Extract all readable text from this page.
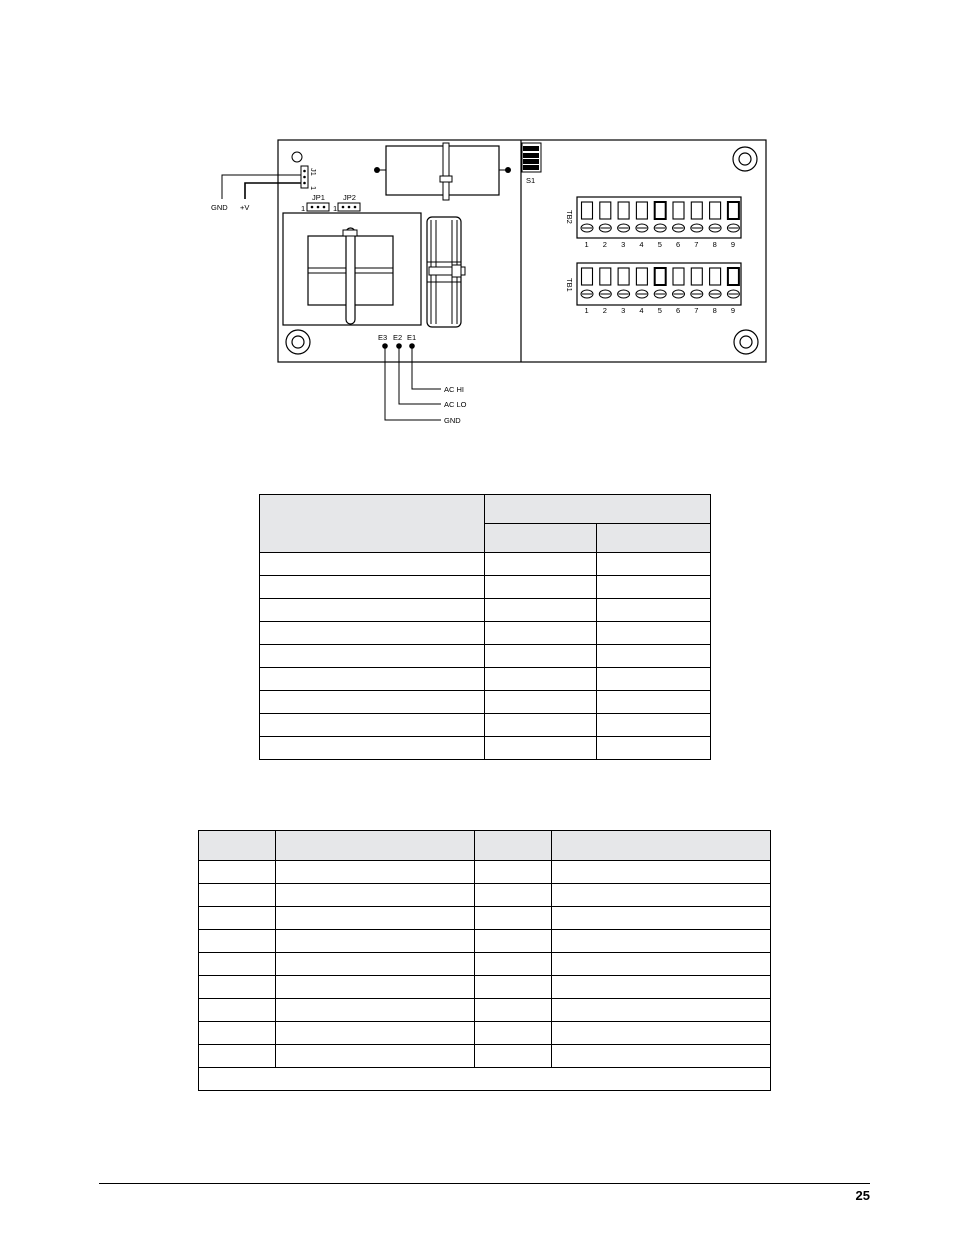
S1
J1
1
GND +V
JP1
1
JP2
1
E3 E2 E1
AC HI
AC LO
GND
TB2
1 2 3 4 5 6 7 8 9
TB1
1 2 3 4 5 6 7 8 9

25
